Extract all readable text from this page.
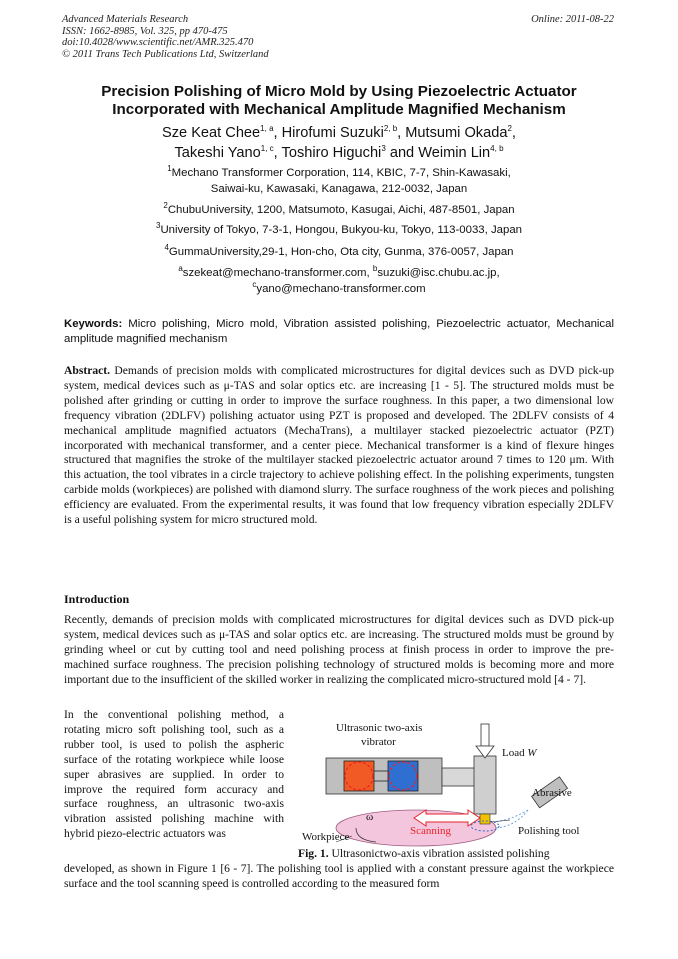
Advanced Materials Research
ISSN: 1662-8985, Vol. 325, pp 470-475
doi:10.4028/www.scientific.net/AMR.325.470
© 2011 Trans Tech Publications Ltd, Switzerland
Online: 2011-08-22
Precision Polishing of Micro Mold by Using Piezoelectric Actuator
Incorporated with Mechanical Amplitude Magnified Mechanism
Sze Keat Chee$^{1, a}$, Hirofumi Suzuki$^{2, b}$, Mutsumi Okada$^2$,
Takeshi Yano$^{1, c}$, Toshiro Higuchi$^3$ and Weimin Lin$^{4, b}$
$^1$Mechano Transformer Corporation, 114, KBIC, 7-7, Shin-Kawasaki,
Saiwai-ku, Kawasaki, Kanagawa, 212-0032, Japan
$^2$ChubuUniversity, 1200, Matsumoto, Kasugai, Aichi, 487-8501, Japan
$^3$University of Tokyo, 7-3-1, Hongou, Bukyou-ku, Tokyo, 113-0033, Japan
$^4$GummaUniversity,29-1, Hon-cho, Ota city, Gunma, 376-0057, Japan
$^a$szekeat@mechano-transformer.com, $^b$suzuki@isc.chubu.ac.jp,
$^c$yano@mechano-transformer.com
Keywords: Micro polishing, Micro mold, Vibration assisted polishing, Piezoelectric actuator, Mechanical amplitude magnified mechanism
Abstract. Demands of precision molds with complicated microstructures for digital devices such as DVD pick-up system, medical devices such as μ-TAS and solar optics etc. are increasing [1 - 5]. The structured molds must be polished after grinding or cutting in order to improve the surface roughness. In this paper, a two dimensional low frequency vibration (2DLFV) polishing actuator using PZT is proposed and developed. The 2DLFV consists of 4 mechanical amplitude magnified actuators (MechaTrans), a multilayer stacked piezoelectric actuator (PZT) incorporated with mechanical transformer, and a center piece. Mechanical transformer is a kind of flexure hinges structured that magnifies the stroke of the multilayer stacked piezoelectric actuator around 7 times to 120 μm. With this actuation, the tool vibrates in a circle trajectory to achieve polishing effect. In the polishing experiments, tungsten carbide molds (workpieces) are polished with diamond slurry. The surface roughness of the work pieces and polishing efficiency are evaluated. From the experimental results, it was found that low frequency vibration especially 2DLFV is a useful polishing system for micro structured mold.
Introduction
Recently, demands of precision molds with complicated microstructures for digital devices such as DVD pick-up system, medical devices such as μ-TAS and solar optics etc. are increasing. The structured molds must be ground by grinding wheel or cut by cutting tool and need polishing process at finish process in order to improve the pre-machined surface roughness. The precision polishing technology of structured molds is becoming more and more important due to the insufficient of the skilled worker in realizing the complicated micro-structured mold [4 - 7].
In the conventional polishing method, a rotating micro soft polishing tool, such as a rubber tool, is used to polish the aspheric surface of the rotating workpiece while loose super abrasives are supplied. In order to improve the required form accuracy and surface roughness, an ultrasonic two-axis vibration assisted polishing machine with hybrid piezo-electric actuators was
Ultrasonic two-axis
vibrator
Load W
Abrasive
ω
Scanning	Polishing tool
Workpiece
Fig. 1. Ultrasonictwo-axis vibration assisted polishing
developed, as shown in Figure 1 [6 - 7]. The polishing tool is applied with a constant pressure against the workpiece surface and the tool scanning speed is controlled according to the measured form
